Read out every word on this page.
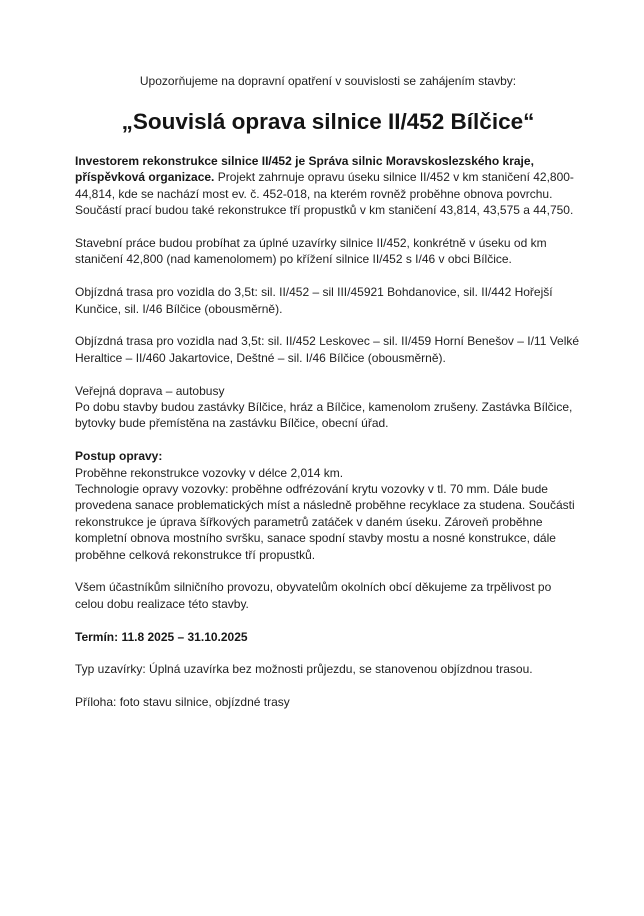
Upozorňujeme na dopravní opatření v souvislosti se zahájením stavby:

„Souvislá oprava silnice II/452 Bílčice“

Investorem rekonstrukce silnice II/452 je Správa silnic Moravskoslezského kraje, příspěvková organizace. Projekt zahrnuje opravu úseku silnice II/452 v km staničení 42,800-44,814, kde se nachází most ev. č. 452-018, na kterém rovněž proběhne obnova povrchu. Součástí prací budou také rekonstrukce tří propustků v km staničení 43,814, 43,575 a 44,750.

Stavební práce budou probíhat za úplné uzavírky silnice II/452, konkrétně v úseku od km staničení 42,800 (nad kamenolomem) po křížení silnice II/452 s I/46 v obci Bílčice.

Objízdná trasa pro vozidla do 3,5t: sil. II/452 – sil III/45921 Bohdanovice, sil. II/442 Hořejší Kunčice, sil. I/46 Bílčice (obousměrně).

Objízdná trasa pro vozidla nad 3,5t: sil. II/452 Leskovec – sil. II/459 Horní Benešov – I/11 Velké Heraltice – II/460 Jakartovice, Deštné – sil. I/46 Bílčice (obousměrně).

Veřejná doprava – autobusy
Po dobu stavby budou zastávky Bílčice, hráz a Bílčice, kamenolom zrušeny. Zastávka Bílčice, bytovky bude přemístěna na zastávku Bílčice, obecní úřad.

Postup opravy:
Proběhne rekonstrukce vozovky v délce 2,014 km.
Technologie opravy vozovky: proběhne odfrézování krytu vozovky v tl. 70 mm. Dále bude provedena sanace problematických míst a následně proběhne recyklace za studena. Součásti rekonstrukce je úprava šířkových parametrů zatáček v daném úseku. Zároveň proběhne kompletní obnova mostního svršku, sanace spodní stavby mostu a nosné konstrukce, dále proběhne celková rekonstrukce tří propustků.

Všem účastníkům silničního provozu, obyvatelům okolních obcí děkujeme za trpělivost po celou dobu realizace této stavby.

Termín: 11.8 2025 – 31.10.2025

Typ uzavírky: Úplná uzavírka bez možnosti průjezdu, se stanovenou objízdnou trasou.

Příloha: foto stavu silnice, objízdné trasy
